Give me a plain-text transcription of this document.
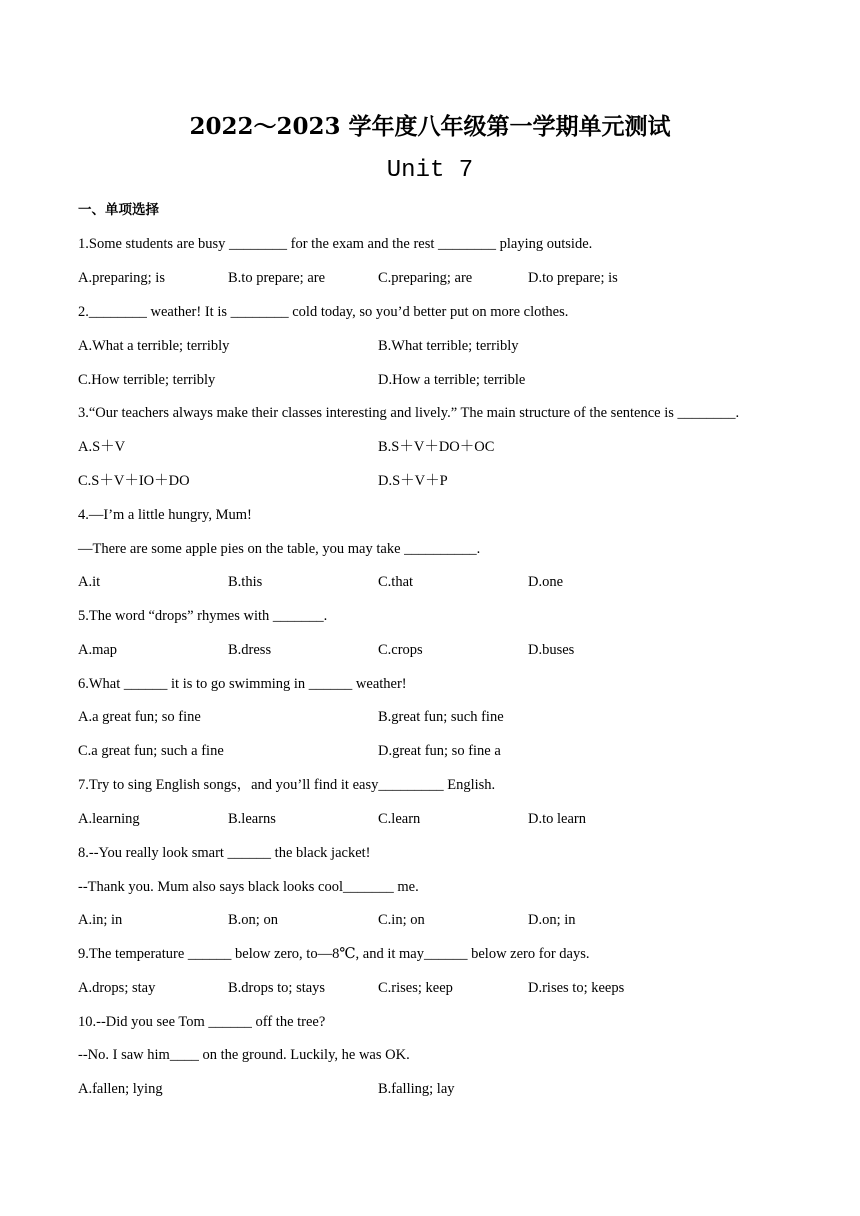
2022～2023 学年度八年级第一学期单元测试
Unit 7
一、单项选择
1.Some students are busy ________ for the exam and the rest ________ playing outside.
A.preparing; is	B.to prepare; are	C.preparing; are	D.to prepare; is
2.________ weather! It is ________ cold today, so you’d better put on more clothes.
A.What a terrible; terribly	B.What terrible; terribly
C.How terrible; terribly	D.How a terrible; terrible
3.“Our teachers always make their classes interesting and lively.” The main structure of the sentence is ________.
A.S＋V	B.S＋V＋DO＋OC
C.S＋V＋IO＋DO	D.S＋V＋P
4.—I’m a little hungry, Mum!
—There are some apple pies on the table, you may take __________.
A.it	B.this	C.that	D.one
5.The word “drops” rhymes with _______.
A.map	B.dress	C.crops	D.buses
6.What ______ it is to go swimming in ______ weather!
A.a great fun; so fine	B.great fun; such fine
C.a great fun; such a fine	D.great fun; so fine a
7.Try to sing English songs，and you’ll find it easy_________ English.
A.learning	B.learns	C.learn	D.to learn
8.--You really look smart ______ the black jacket!
--Thank you. Mum also says black looks cool_______ me.
A.in; in	B.on; on	C.in; on	D.on; in
9.The temperature ______ below zero, to—8℃, and it may______ below zero for days.
A.drops; stay	B.drops to; stays	C.rises; keep	D.rises to; keeps
10.--Did you see Tom ______ off the tree?
--No. I saw him____ on the ground. Luckily, he was OK.
A.fallen; lying	B.falling; lay
